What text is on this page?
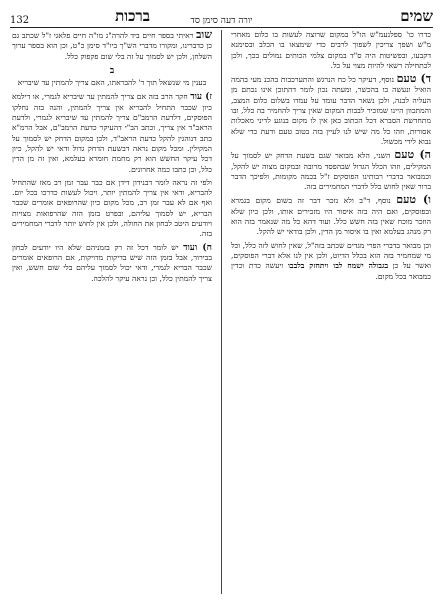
שמים
יורה דעה סימן סד
ברכות
132

כדרו כו' ספלנעמ"ש הו"ל במקום שרוצה לעשות בו כלום מאחרי מ"ש ושפך צריכין לשפוך לרבים כדי שימצאו בו הכלב ובסימנא דקבעו, ובפשיטות היה ס"ד במקום צלמי הכותים נמולים בכך, ולכן לכתחילה רשאי להיות מצוי על כל.

ד) טעם נוסף, דעיקר כל כח הנרגש והתערכבות בהכנ מעי בהמה הואיל ונעשה בו בהכשר, ומעתה נכון לומר דהתוכן אינו נכתם מן העליה לבנה, ולכן נשאר הדבר עומד על עמדו בשלום כלום המצב, והמתכוון היינו שמזכיר לבבות המקום שאין צריך להחמיר בה כלל, ובו מתחדשת הסברא דכל הכתוב כאן אין לו מקום בנוגע לדיני מאכלות אסורות, וזהו כל מה שיש לנו לעיין בזה בטוב טעם ודעת כדי שלא נבוא לידי מכשול.

ה) טעם השני, הלא מבואר שגם בשעת הדחק יש לסמוך על המקילים, וזהו הכלל הגדול שבהפסד מרובה ובמקום מצוה יש להקל, וכמבואר בדברי רבותינו הפוסקים ז"ל בכמה מקומות, ולפיכך הדבר ברור שאין לחוש כלל לדברי המחמירים בזה.

ו) טעם נוסף, ד"ב ולא נזכר דבר זה בשום מקום בגמרא ובפוסקים, ואם היה בזה איסור היו מזכירים אותו, ולכן כיון שלא הוזכר מוכח שאין בזה חשש כלל. ועוד דהא כל מה שנאמר בזה הוא רק מנהג בעלמא ואין בו איסור מן הדין, ולכן בודאי יש להקל.

וכן מבואר בדברי הפרי מגדים שכתב בזה"ל, שאין לחוש לזה כלל, וכל מי שמחמיר בזה הוא בכלל הדיוט, ולכן אין לנו אלא דברי הפוסקים, ואשר על כן בגבולה ישמח לבו ויתחזק בלבבו ויעשה כדת וכדין כמבואר בכל מקום.

שוב ראיתי בספר חיים ביד להרה"ג מו"ה חיים פלאגי ז"ל שכתב גם כן כדברינו, ומקורו מדברי הש"ך ביו"ד סימן כ"ט, וכן הוא בספר ערוך השלחן, ולכן יש לסמוך על זה בלי שום פקפוק כלל.

ב
בענין מי שנשאל תוך ד' להבראתו, האם צריך להמתין עד שיבריא

ז) עוד חקר הרב בזה אם צריך להמתין עד שיבריא לגמרי, או דילמא כיון שכבר התחיל להבריא אין צריך להמתין, והנה בזה נחלקו הפוסקים, דלדעת הרמב"ם צריך להמתין עד שיבריא לגמרי, ולדעת הראב"ד אין צריך, וכתב הב"י דהעיקר כדעת הרמב"ם, אבל הרמ"א כתב דנוהגין להקל כדעת הראב"ד, ולכן במקום הדחק יש לסמוך על המקילין. ומכל מקום נראה דבשעת הדחק גדול ודאי יש להקל, כיון דכל עיקר החשש הוא רק מחמת חומרא בעלמא, ואין זה מן הדין כלל, וכן כתבו כמה אחרונים.

ולפי זה נראה לומר דבנידון דידן אם כבר עבר זמן רב מאז שהתחיל להבריא, ודאי אין צריך להמתין יותר, ויכול לעשות כדרכו בכל יום. ואף אם לא עבר זמן רב, מכל מקום כיון שהרופאים אומרים שכבר הבריא, יש לסמוך עליהם, ובפרט בזמן הזה שהרפואות מצויות ויודעים היטב לבחון את החולה, ולכן אין לחוש יותר לדברי המחמירים בזה.

ח) ועוד יש לומר דכל זה רק בזמניהם שלא היו יודעים לבחון בבירור, אבל בזמן הזה שיש בדיקות מדויקות, אם הרופאים אומרים שכבר הבריא לגמרי, ודאי יכול לסמוך עליהם בלי שום חשש, ואין צריך להמתין כלל, וכן נראה עיקר להלכה.
